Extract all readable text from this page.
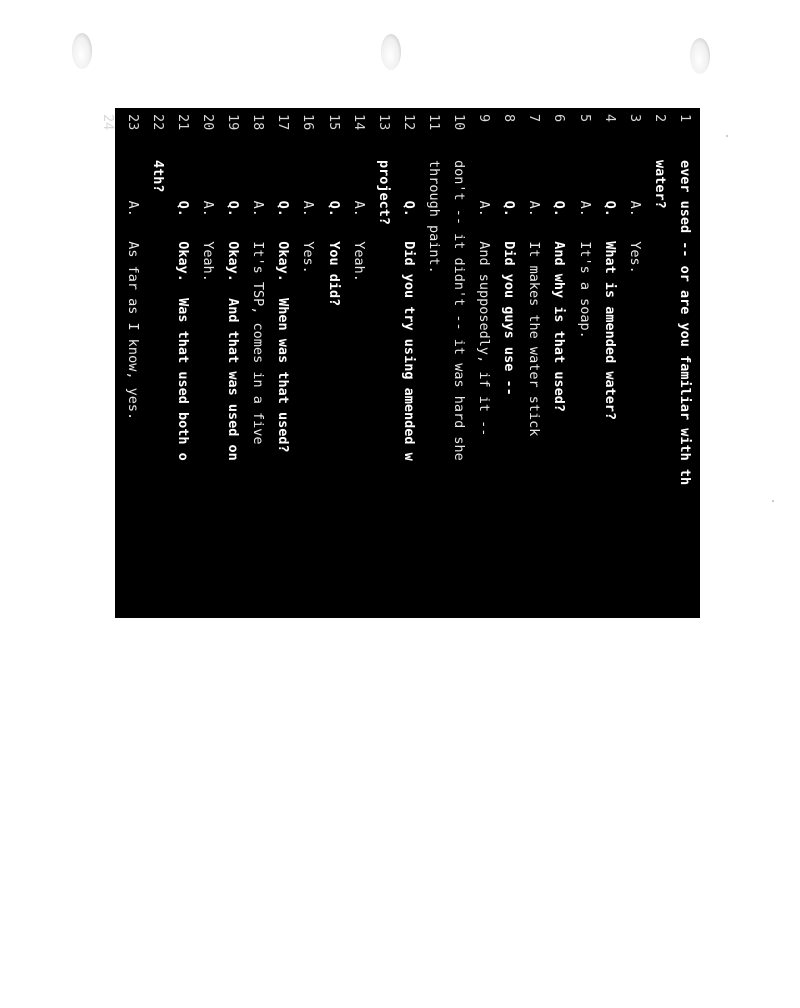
1
ever used -- or are you familiar with th
2
water?
3
A.   Yes.
4
Q.   What is amended water?
5
A.   It's a soap.
6
Q.   And why is that used?
7
A.   It makes the water stick
8
Q.   Did you guys use --
9
A.   And supposedly, if it --
10
don't -- it didn't -- it was hard she
11
through paint.
12
Q.   Did you try using amended w
13
project?
14
A.   Yeah.
15
Q.   You did?
16
A.   Yes.
17
Q.   Okay.  When was that used?
18
A.   It's TSP, comes in a five
19
Q.   Okay.  And that was used on
20
A.   Yeah.
21
Q.   Okay.  Was that used both o
22
4th?
23
A.   As far as I know, yes.
24
Q.   Okay.  How does that -- Do
